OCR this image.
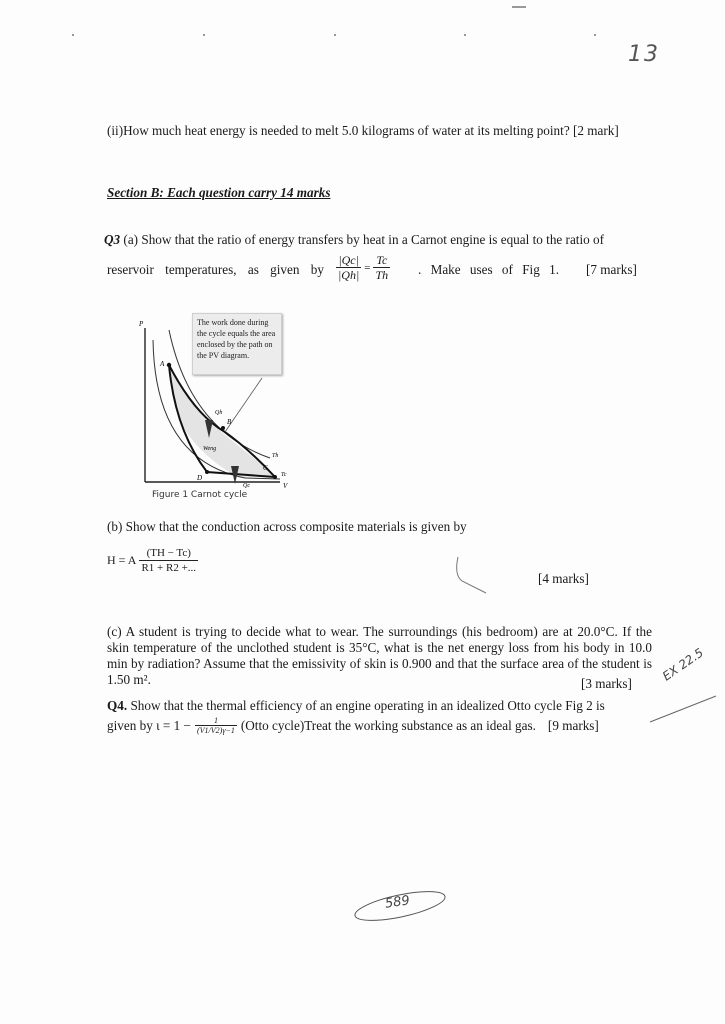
13
(ii)How much heat energy is needed to melt 5.0 kilograms of water at its melting point? [2 mark]
Section B: Each question carry 14 marks
Q3 (a) Show that the ratio of energy transfers by heat in a Carnot engine is equal to the ratio of
reservoir temperatures, as given by $\frac{|Qc|}{|Qh|} = \frac{Tc}{Th}$ . Make uses of Fig 1. [7 marks]
P
V
A
B
C
D
Qh
Qc
Weng
Th
Tc
The work done during the cycle equals the area enclosed by the path on the PV diagram.
Figure 1 Carnot cycle
(b) Show that the conduction across composite materials is given by
H = A $\frac{(TH - Tc)}{R1 + R2 +...}$
[4 marks]
(c) A student is trying to decide what to wear. The surroundings (his bedroom) are at 20.0°C. If the skin temperature of the unclothed student is 35°C, what is the net energy loss from his body in 10.0 min by radiation? Assume that the emissivity of skin is 0.900 and that the surface area of the student is 1.50 m².	[3 marks]
Q4. Show that the thermal efficiency of an engine operating in an idealized Otto cycle Fig 2 is
given by $\iota = 1 - \frac{1}{(V1/V2)\gamma-1}$ (Otto cycle)Treat the working substance as an ideal gas. [9 marks]
EX 22.5
589
